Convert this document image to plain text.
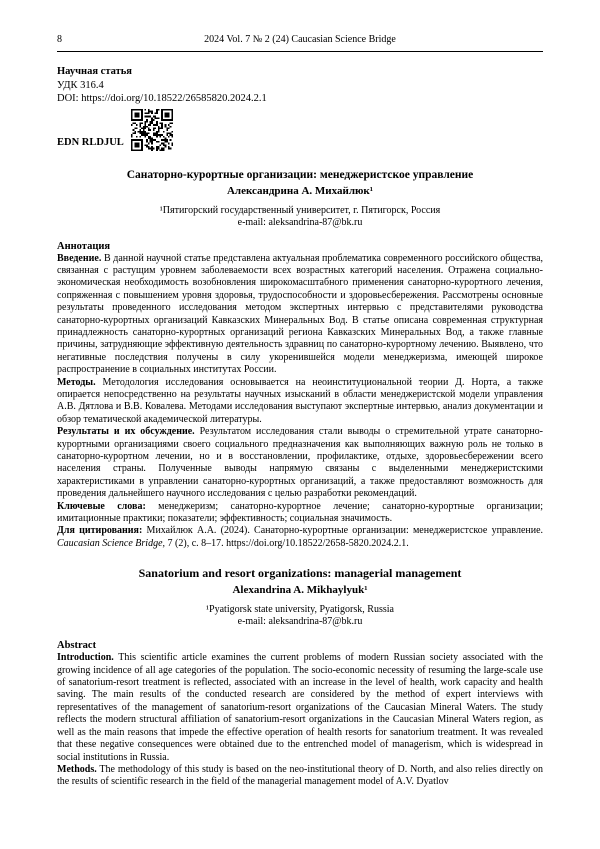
8	2024 Vol. 7 № 2 (24) Caucasian Science Bridge
Научная статья
УДК 316.4
DOI: https://doi.org/10.18522/26585820.2024.2.1
EDN RLDJUL
Санаторно-курортные организации: менеджеристское управление
Александрина А. Михайлюк¹
¹Пятигорский государственный университет, г. Пятигорск, Россия
e-mail: aleksandrina-87@bk.ru
Аннотация

Введение. В данной научной статье представлена актуальная проблематика современного российского общества, связанная с растущим уровнем заболеваемости всех возрастных категорий населения. Отражена социально-экономическая необходимость возобновления широкомасштабного применения санаторно-курортного лечения, сопряженная с повышением уровня здоровья, трудоспособности и здоровьесбережения. Рассмотрены основные результаты проведенного исследования методом экспертных интервью с представителями руководства санаторно-курортных организаций Кавказских Минеральных Вод. В статье описана современная структурная принадлежность санаторно-курортных организаций региона Кавказских Минеральных Вод, а также главные причины, затрудняющие эффективную деятельность здравниц по санаторно-курортному лечению. Выявлено, что негативные последствия получены в силу укоренившейся модели менеджеризма, имеющей широкое распространение в социальных институтах России.

Методы. Методология исследования основывается на неоинституциональной теории Д. Норта, а также опирается непосредственно на результаты научных изысканий в области менеджеристской модели управления А.В. Дятлова и В.В. Ковалева. Методами исследования выступают экспертные интервью, анализ документации и обзор тематической академической литературы.

Результаты и их обсуждение. Результатом исследования стали выводы о стремительной утрате санаторно-курортными организациями своего социального предназначения как выполняющих важную роль не только в санаторно-курортном лечении, но и в восстановлении, профилактике, отдыхе, здоровьесбережении всего населения страны. Полученные выводы напрямую связаны с выделенными менеджеристскими характеристиками в управлении санаторно-курортных организаций, а также предоставляют возможность для проведения дальнейшего научного исследования с целью разработки рекомендаций.

Ключевые слова: менеджеризм; санаторно-курортное лечение; санаторно-курортные организации; имитационные практики; показатели; эффективность; социальная значимость.

Для цитирования: Михайлюк А.А. (2024). Санаторно-курортные организации: менеджеристское управление. Caucasian Science Bridge, 7 (2), с. 8–17. https://doi.org/10.18522/2658-5820.2024.2.1.

Sanatorium and resort organizations: managerial management
Alexandrina A. Mikhaylyuk¹
¹Pyatigorsk state university, Pyatigorsk, Russia
e-mail: aleksandrina-87@bk.ru
Abstract

Introduction. This scientific article examines the current problems of modern Russian society associated with the growing incidence of all age categories of the population. The socio-economic necessity of resuming the large-scale use of sanatorium-resort treatment is reflected, associated with an increase in the level of health, work capacity and health saving. The main results of the conducted research are considered by the method of expert interviews with representatives of the management of sanatorium-resort organizations of the Caucasian Mineral Waters. The study reflects the modern structural affiliation of sanatorium-resort organizations in the Caucasian Mineral Waters region, as well as the main reasons that impede the effective operation of health resorts for sanatorium treatment. It was revealed that these negative consequences were obtained due to the entrenched model of managerism, which is widespread in social institutions in Russia.

Methods. The methodology of this study is based on the neo-institutional theory of D. North, and also relies directly on the results of scientific research in the field of the managerial management model of A.V. Dyatlov
